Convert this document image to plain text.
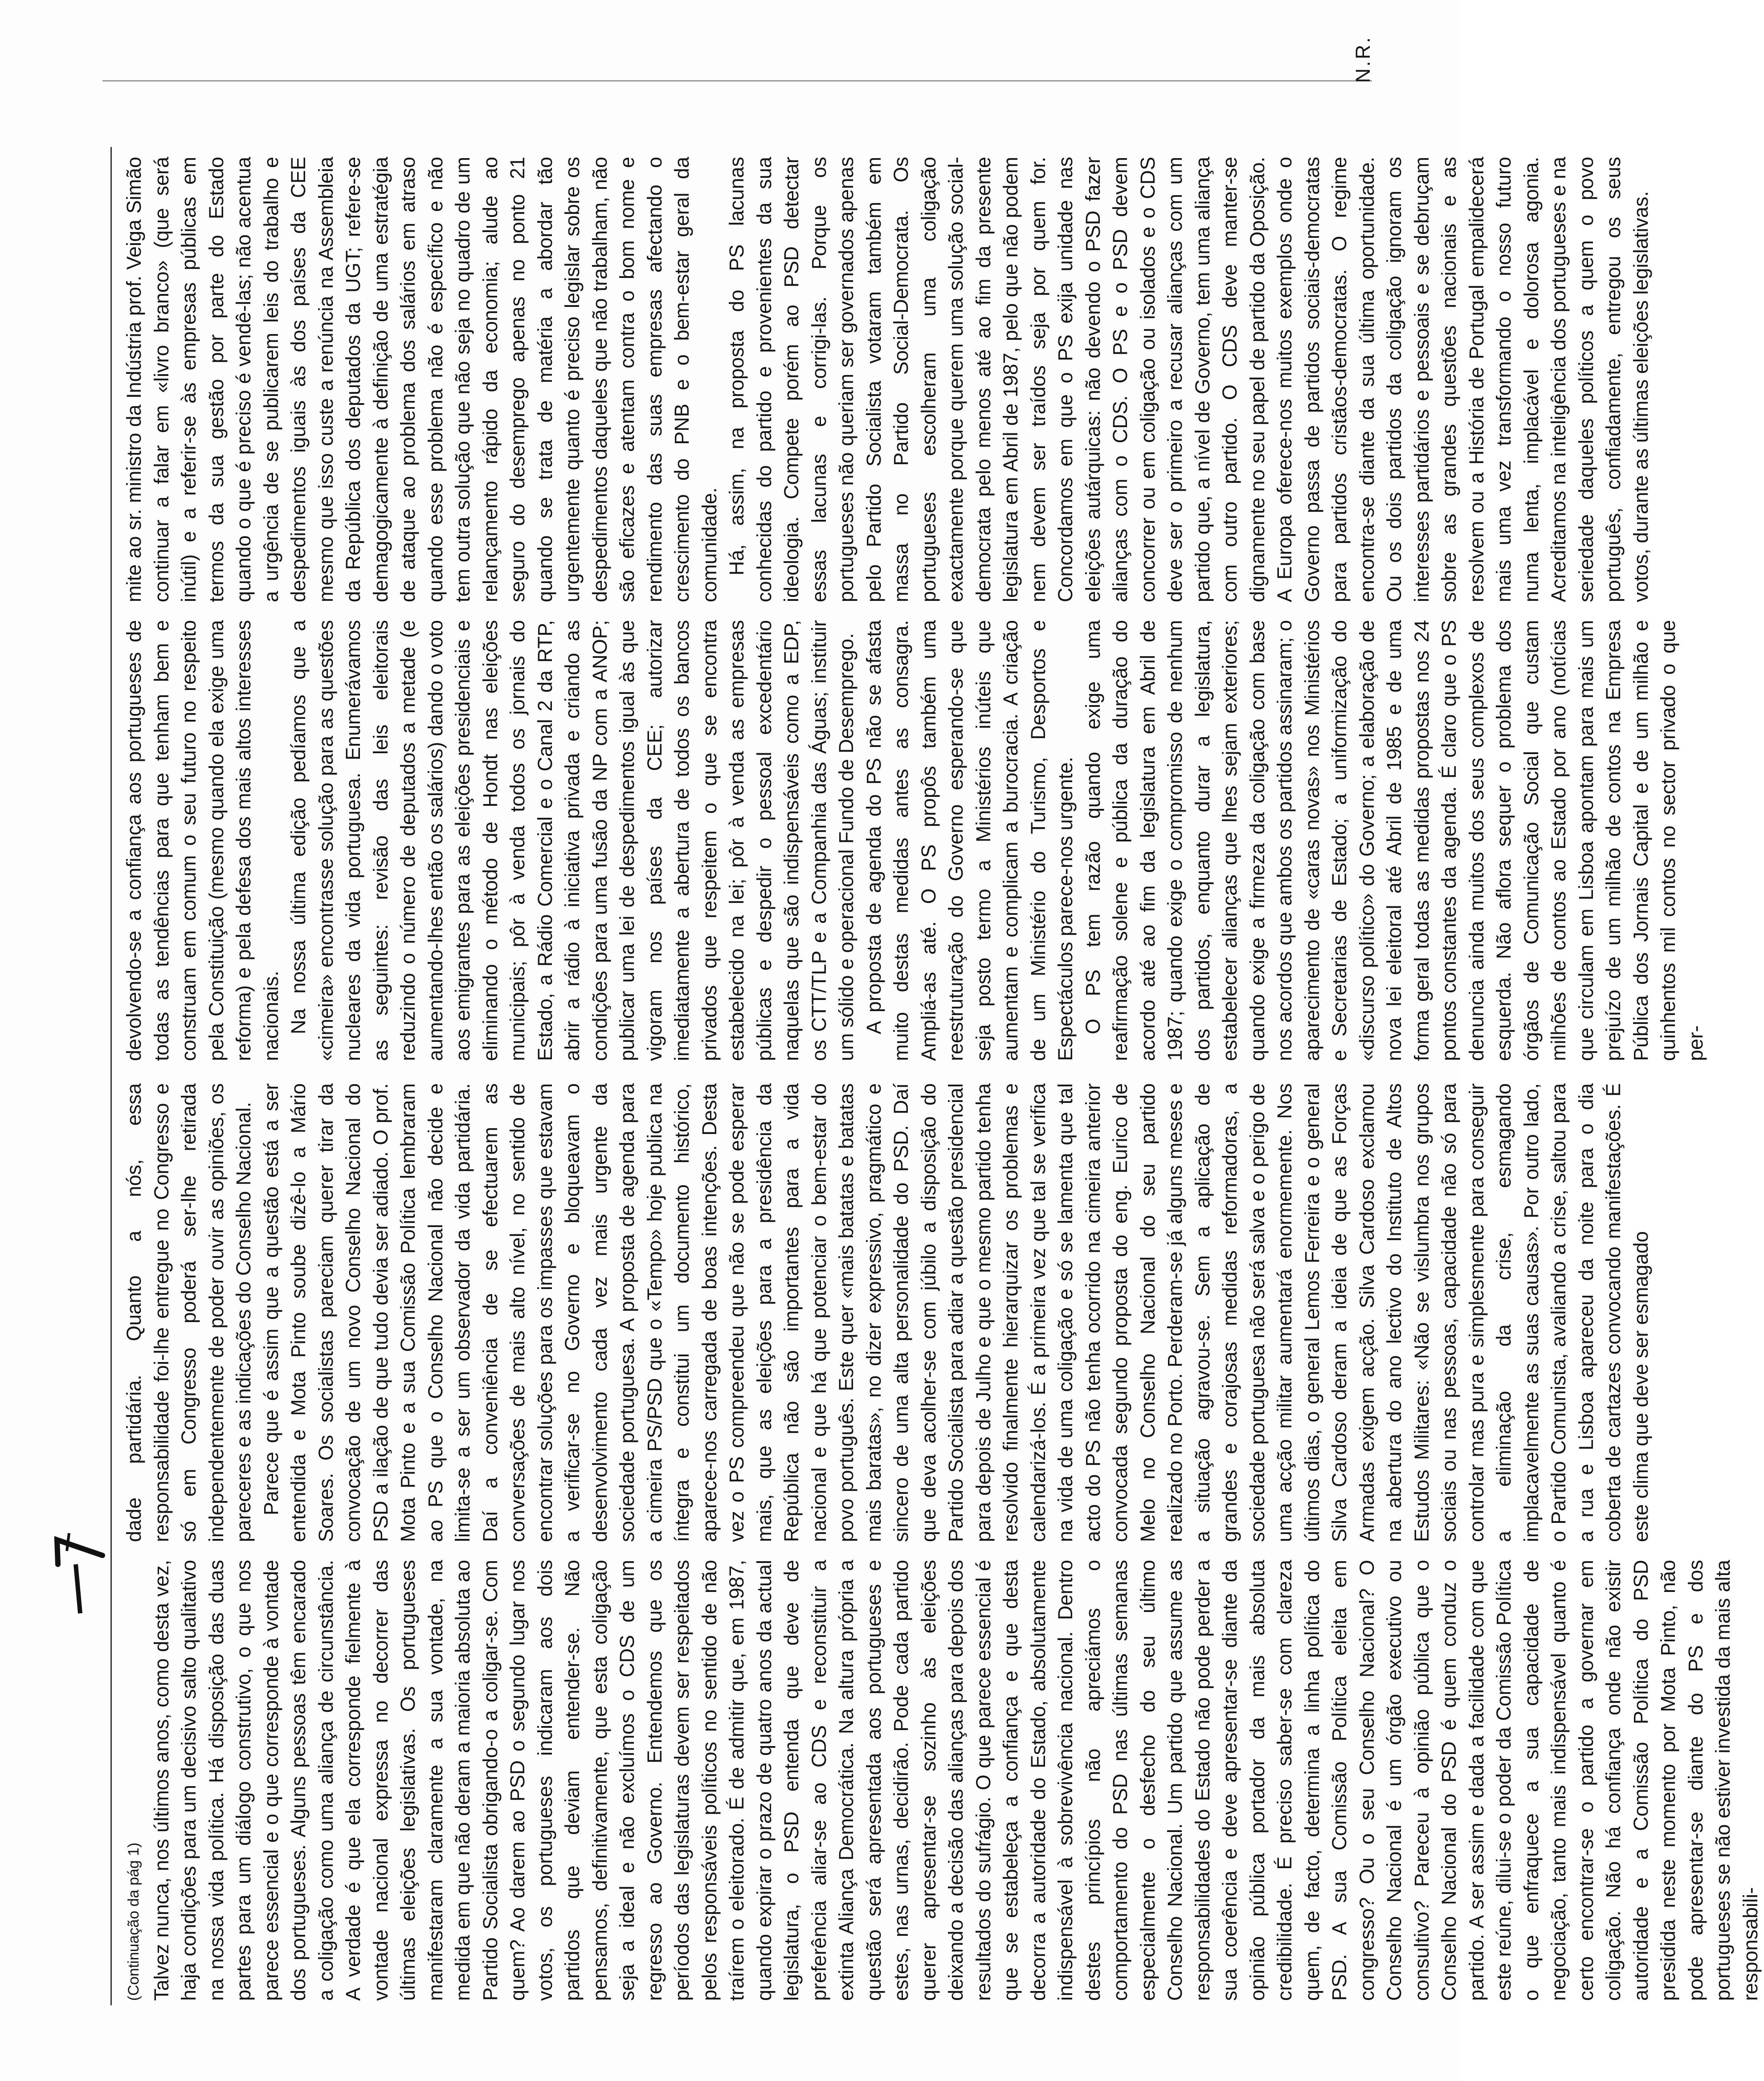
7
(Continuação da pág 1) Talvez nunca, nos últimos anos, como desta vez, haja condições para um decisivo salto qualitativo na nossa vida política. Há disposição das duas partes para um diálogo construtivo, o que nos parece essencial e o que corresponde à vontade dos portugueses. Alguns pessoas têm encarado a coligação como uma aliança de circunstância. A verdade é que ela corresponde fielmente à vontade nacional expressa no decorrer das últimas eleições legislativas. Os portugueses manifestaram claramente a sua vontade, na medida em que não deram a maioria absoluta ao Partido Socialista obrigando-o a coligar-se. Com quem? Ao darem ao PSD o segundo lugar nos votos, os portugueses indicaram aos dois partidos que deviam entender-se. Não pensamos, definitivamente, que esta coligação seja a ideal e não excluímos o CDS de um regresso ao Governo. Entendemos que os períodos das legislaturas devem ser respeitados pelos responsáveis políticos no sentido de não traírem o eleitorado. É de admitir que, em 1987, quando expirar o prazo de quatro anos da actual legislatura, o PSD entenda que deve de preferência aliar-se ao CDS e reconstituir a extinta Aliança Democrática. Na altura própria a questão será apresentada aos portugueses e estes, nas urnas, decidirão. Pode cada partido querer apresentar-se sozinho às eleições deixando a decisão das alianças para depois dos resultados do sufrágio. O que parece essencial é que se estabeleça a confiança e que desta decorra a autoridade do Estado, absolutamente indispensável à sobrevivência nacional. Dentro destes princípios não apreciámos o comportamento do PSD nas últimas semanas especialmente o desfecho do seu último Conselho Nacional. Um partido que assume as responsabilidades do Estado não pode perder a sua coerência e deve apresentar-se diante da opinião pública portador da mais absoluta credibilidade. É preciso saber-se com clareza quem, de facto, determina a linha política do PSD. A sua Comissão Política eleita em congresso? Ou o seu Conselho Nacional? O Conselho Nacional é um órgão executivo ou consultivo? Pareceu à opinião pública que o Conselho Nacional do PSD é quem conduz o partido. A ser assim e dada a facilidade com que este reúne, dilui-se o poder da Comissão Política o que enfraquece a sua capacidade de negociação, tanto mais indispensável quanto é certo encontrar-se o partido a governar em coligação. Não há confiança onde não existir autoridade e a Comissão Política do PSD presidida neste momento por Mota Pinto, não pode apresentar-se diante do PS e dos portugueses se não estiver investida da mais alta responsabili-

dade partidária. Quanto a nós, essa responsabilidade foi-lhe entregue no Congresso e só em Congresso poderá ser-lhe retirada independentemente de poder ouvir as opiniões, os pareceres e as indicações do Conselho Nacional. Parece que é assim que a questão está a ser entendida e Mota Pinto soube dizê-lo a Mário Soares. Os socialistas pareciam querer tirar da convocação de um novo Conselho Nacional do PSD a ilação de que tudo devia ser adiado. O prof. Mota Pinto e a sua Comissão Política lembraram ao PS que o Conselho Nacional não decide e limita-se a ser um observador da vida partidária. Daí a conveniência de se efectuarem as conversações de mais alto nível, no sentido de encontrar soluções para os impasses que estavam a verificar-se no Governo e bloqueavam o desenvolvimento cada vez mais urgente da sociedade portuguesa. A proposta de agenda para a cimeira PS/PSD que o «Tempo» hoje publica na íntegra e constitui um documento histórico, aparece-nos carregada de boas intenções. Desta vez o PS compreendeu que não se pode esperar mais, que as eleições para a presidência da República não são importantes para a vida nacional e que há que potenciar o bem-estar do povo português. Este quer «mais batatas e batatas mais baratas», no dizer expressivo, pragmático e sincero de uma alta personalidade do PSD. Daí que deva acolher-se com júbilo a disposição do Partido Socialista para adiar a questão presidencial para depois de Julho e que o mesmo partido tenha resolvido finalmente hierarquizar os problemas e calendarizá-los. É a primeira vez que tal se verifica na vida de uma coligação e só se lamenta que tal acto do PS não tenha ocorrido na cimeira anterior convocada segundo proposta do eng. Eurico de Melo no Conselho Nacional do seu partido realizado no Porto. Perderam-se já alguns meses e a situação agravou-se. Sem a aplicação de grandes e corajosas medidas reformadoras, a sociedade portuguesa não será salva e o perigo de uma acção militar aumentará enormemente. Nos últimos dias, o general Lemos Ferreira e o general Silva Cardoso deram a ideia de que as Forças Armadas exigem acção. Silva Cardoso exclamou na abertura do ano lectivo do Instituto de Altos Estudos Militares: «Não se vislumbra nos grupos sociais ou nas pessoas, capacidade não só para controlar mas pura e simplesmente para conseguir a eliminação da crise, esmagando implacavelmente as suas causas». Por outro lado, o Partido Comunista, avaliando a crise, saltou para a rua e Lisboa apareceu da noite para o dia coberta de cartazes convocando manifestações. É este clima que deve ser esmagado

devolvendo-se a confiança aos portugueses de todas as tendências para que tenham bem e construam em comum o seu futuro no respeito pela Constituição (mesmo quando ela exige uma reforma) e pela defesa dos mais altos interesses nacionais. Na nossa última edição pedíamos que a «cimeira» encontrasse solução para as questões nucleares da vida portuguesa. Enumerávamos as seguintes: revisão das leis eleitorais reduzindo o número de deputados a metade (e aumentando-lhes então os salários) dando o voto aos emigrantes para as eleições presidenciais e eliminando o método de Hondt nas eleições municipais; pôr à venda todos os jornais do Estado, a Rádio Comercial e o Canal 2 da RTP, abrir a rádio à iniciativa privada e criando as condições para uma fusão da NP com a ANOP; publicar uma lei de despedimentos igual às que vigoram nos países da CEE; autorizar imediatamente a abertura de todos os bancos privados que respeitem o que se encontra estabelecido na lei; pôr à venda as empresas públicas e despedir o pessoal excedentário naquelas que são indispensáveis como a EDP, os CTT/TLP e a Companhia das Águas; instituir um sólido e operacional Fundo de Desemprego. A proposta de agenda do PS não se afasta muito destas medidas antes as consagra. Ampliá-as até. O PS propôs também uma reestruturação do Governo esperando-se que seja posto termo a Ministérios inúteis que aumentam e complicam a burocracia. A criação de um Ministério do Turismo, Desportos e Espectáculos parece-nos urgente. O PS tem razão quando exige uma reafirmação solene e pública da duração do acordo até ao fim da legislatura em Abril de 1987; quando exige o compromisso de nenhum dos partidos, enquanto durar a legislatura, estabelecer alianças que lhes sejam exteriores; quando exige a firmeza da coligação com base nos acordos que ambos os partidos assinaram; o aparecimento de «caras novas» nos Ministérios e Secretarias de Estado; a uniformização do «discurso político» do Governo; a elaboração de nova lei eleitoral até Abril de 1985 e de uma forma geral todas as medidas propostas nos 24 pontos constantes da agenda. É claro que o PS denuncia ainda muitos dos seus complexos de esquerda. Não aflora sequer o problema dos órgãos de Comunicação Social que custam milhões de contos ao Estado por ano (notícias que circulam em Lisboa apontam para mais um prejuízo de um milhão de contos na Empresa Pública dos Jornais Capital e de um milhão e quinhentos mil contos no sector privado o que per-

mite ao sr. ministro da Indústria prof. Veiga Simão continuar a falar em «livro branco» (que será inútil) e a referir-se às empresas públicas em termos da sua gestão por parte do Estado quando o que é preciso é vendê-las; não acentua a urgência de se publicarem leis do trabalho e despedimentos iguais às dos países da CEE mesmo que isso custe a renúncia na Assembleia da República dos deputados da UGT; refere-se demagogicamente à definição de uma estratégia de ataque ao problema dos salários em atraso quando esse problema não é específico e não tem outra solução que não seja no quadro de um relançamento rápido da economia; alude ao seguro do desemprego apenas no ponto 21 quando se trata de matéria a abordar tão urgentemente quanto é preciso legislar sobre os despedimentos daqueles que não trabalham, não são eficazes e atentam contra o bom nome e rendimento das suas empresas afectando o crescimento do PNB e o bem-estar geral da comunidade. Há, assim, na proposta do PS lacunas conhecidas do partido e provenientes da sua ideologia. Compete porém ao PSD detectar essas lacunas e corrigi-las. Porque os portugueses não queriam ser governados apenas pelo Partido Socialista votaram também em massa no Partido Social-Democrata. Os portugueses escolheram uma coligação exactamente porque querem uma solução social-democrata pelo menos até ao fim da presente legislatura em Abril de 1987, pelo que não podem nem devem ser traídos seja por quem for. Concordamos em que o PS exija unidade nas eleições autárquicas: não devendo o PSD fazer alianças com o CDS. O PS e o PSD devem concorrer ou em coligação ou isolados e o CDS deve ser o primeiro a recusar alianças com um partido que, a nível de Governo, tem uma aliança com outro partido. O CDS deve manter-se dignamente no seu papel de partido da Oposição. A Europa oferece-nos muitos exemplos onde o Governo passa de partidos sociais-democratas para partidos cristãos-democratas. O regime encontra-se diante da sua última oportunidade. Ou os dois partidos da coligação ignoram os interesses partidários e pessoais e se debruçam sobre as grandes questões nacionais e as resolvem ou a História de Portugal empalidecerá mais uma vez transformando o nosso futuro numa lenta, implacável e dolorosa agonia. Acreditamos na inteligência dos portugueses e na seriedade daqueles políticos a quem o povo português, confiadamente, entregou os seus votos, durante as últimas eleições legislativas.

N.R.
